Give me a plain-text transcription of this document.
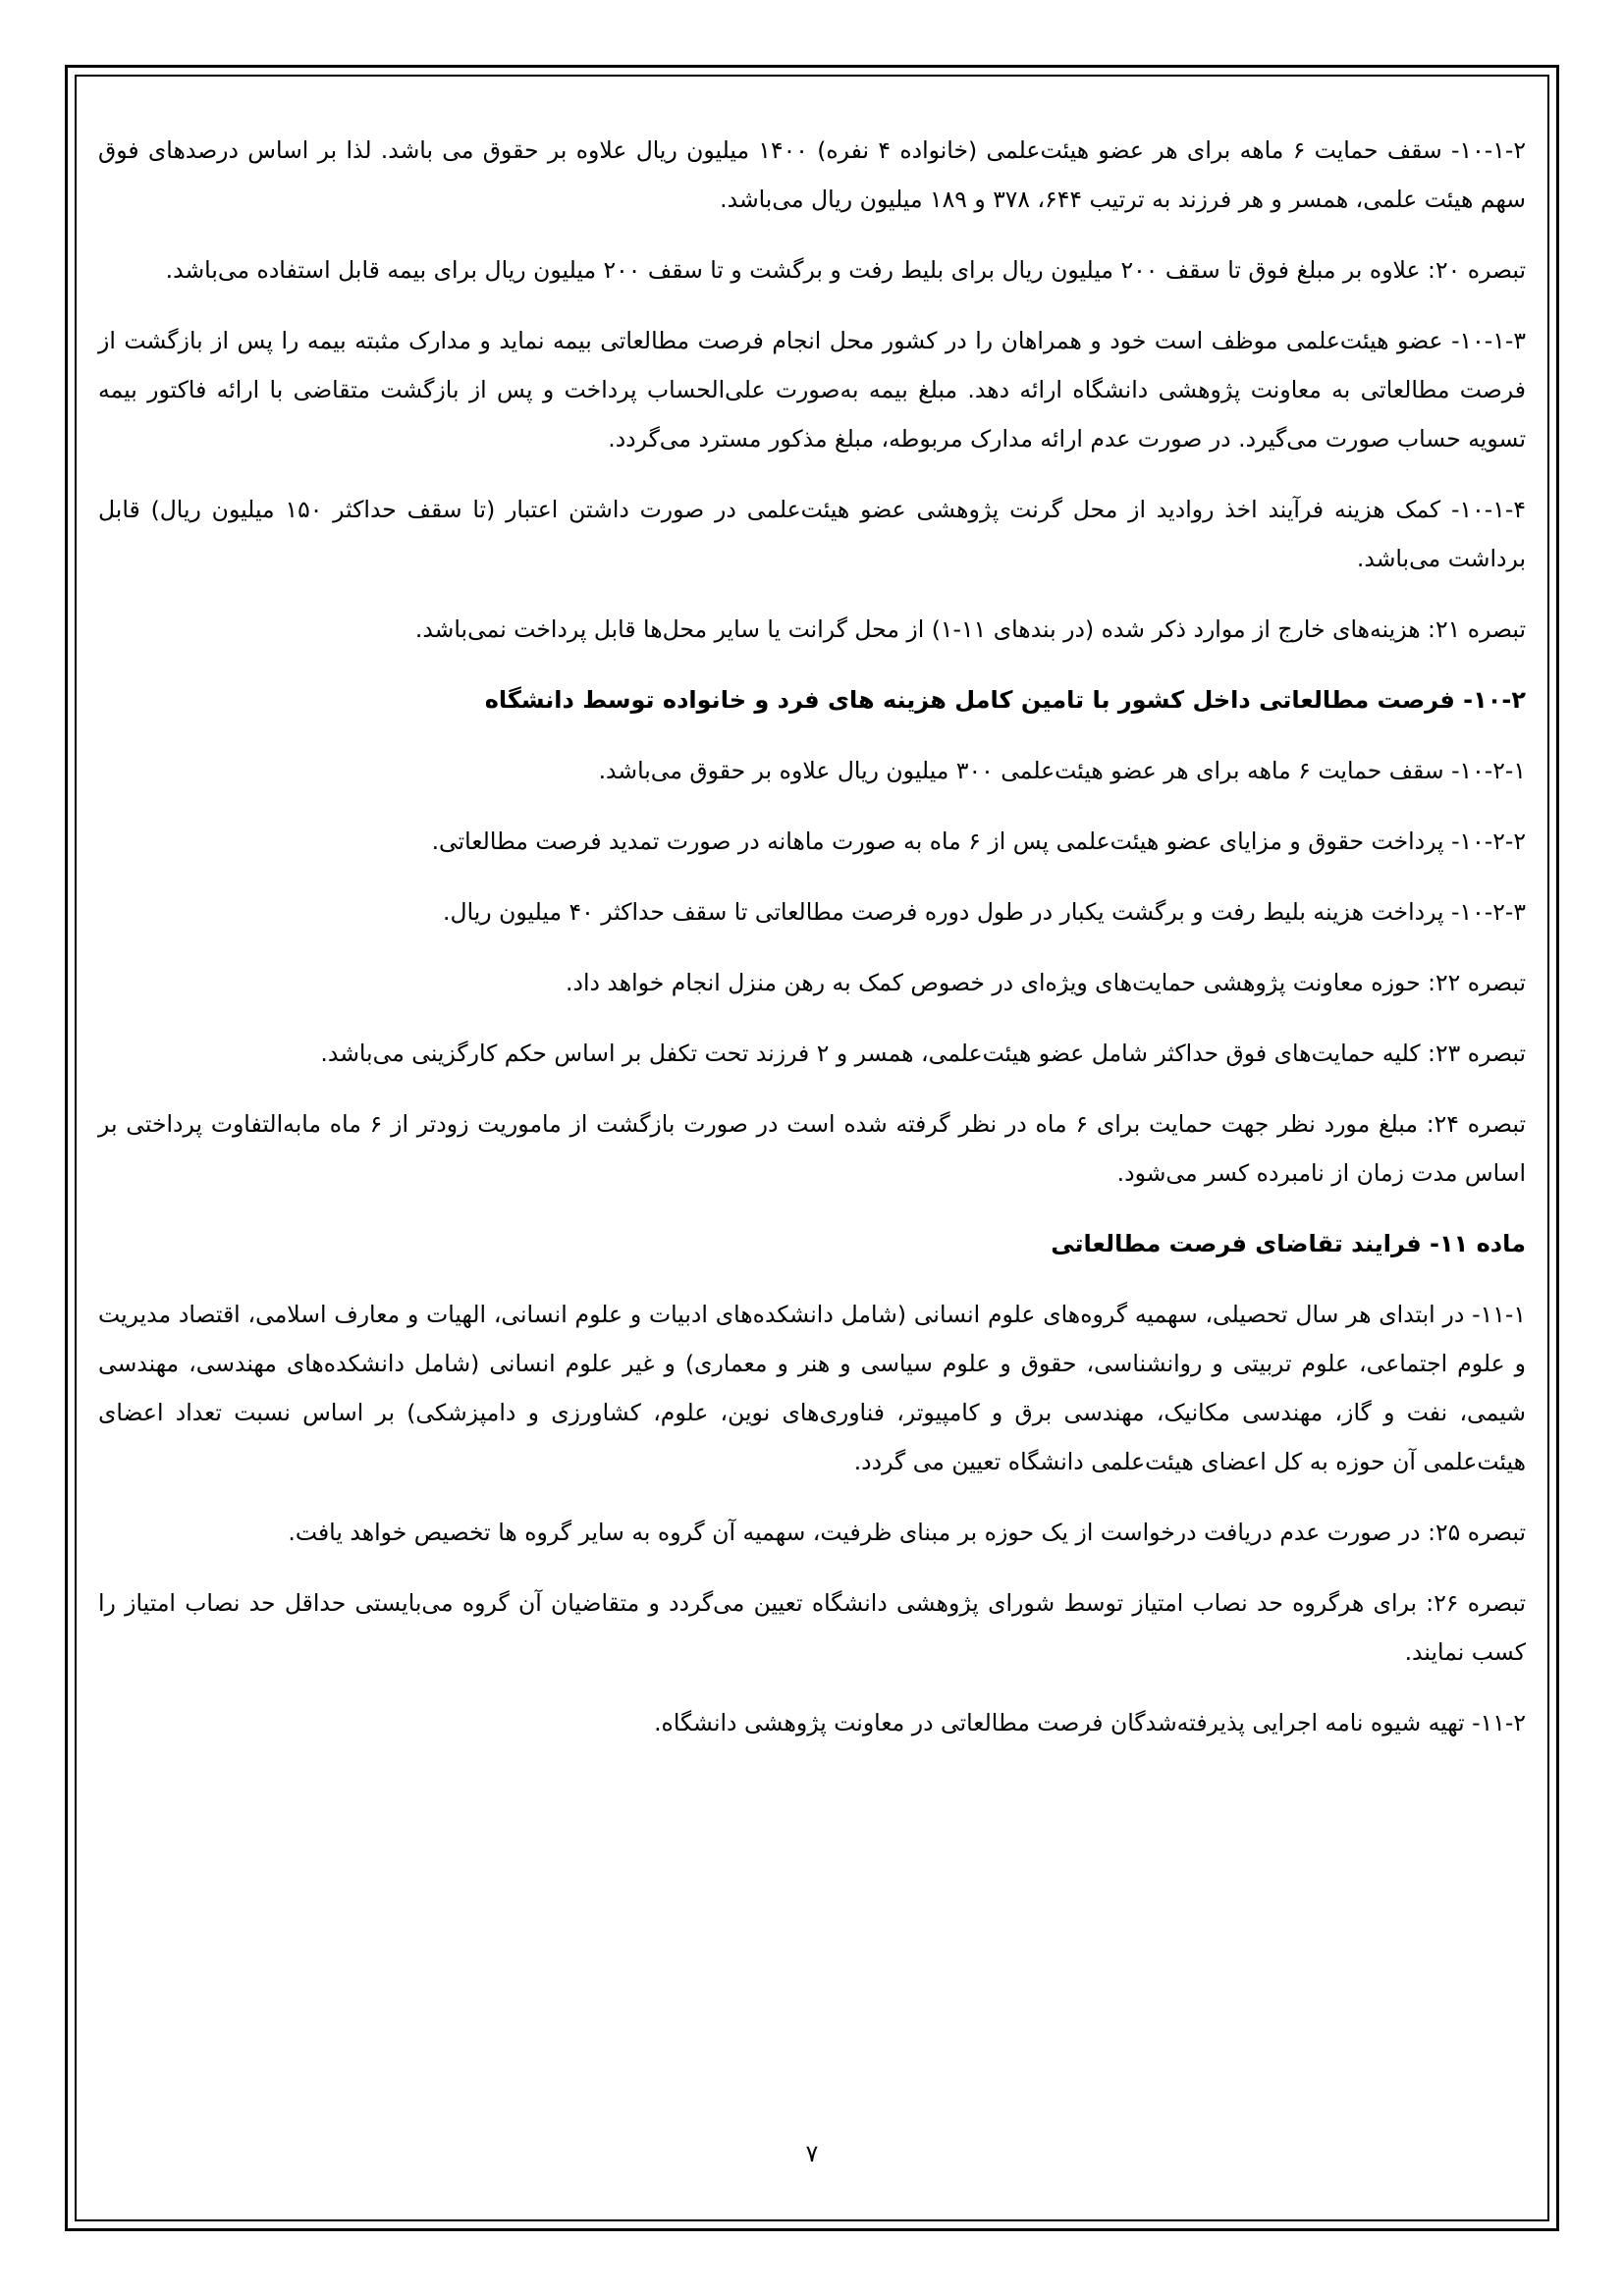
۱۰-۱-۲- سقف حمایت ۶ ماهه برای هر عضو هیئت‌علمی (خانواده ۴ نفره) ۱۴۰۰ میلیون ریال علاوه بر حقوق می باشد. لذا بر اساس درصدهای فوق سهم هیئت علمی، همسر و هر فرزند به ترتیب ۶۴۴، ۳۷۸ و ۱۸۹ میلیون ریال می‌باشد.

تبصره ۲۰: علاوه بر مبلغ فوق تا سقف ۲۰۰ میلیون ریال برای بلیط رفت و برگشت و تا سقف ۲۰۰ میلیون ریال برای بیمه قابل استفاده می‌باشد.

۱۰-۱-۳- عضو هیئت‌علمی موظف است خود و همراهان را در کشور محل انجام فرصت مطالعاتی بیمه نماید و مدارک مثبته بیمه را پس از بازگشت از فرصت مطالعاتی به معاونت پژوهشی دانشگاه ارائه دهد. مبلغ بیمه به‌صورت علی‌الحساب پرداخت و پس از بازگشت متقاضی با ارائه فاکتور بیمه تسویه حساب صورت می‌گیرد. در صورت عدم ارائه مدارک مربوطه، مبلغ مذکور مسترد می‌گردد.

۱۰-۱-۴- کمک هزینه فرآیند اخذ روادید از محل گرنت پژوهشی عضو هیئت‌علمی در صورت داشتن اعتبار (تا سقف حداکثر ۱۵۰ میلیون ریال) قابل برداشت می‌باشد.

تبصره ۲۱: هزینه‌های خارج از موارد ذکر شده (در بندهای ۱۱-۱) از محل گرانت یا سایر محل‌ها قابل پرداخت نمی‌باشد.

۱۰-۲- فرصت مطالعاتی داخل کشور با تامین کامل هزینه های فرد و خانواده توسط دانشگاه

۱۰-۲-۱- سقف حمایت ۶ ماهه برای هر عضو هیئت‌علمی ۳۰۰ میلیون ریال علاوه بر حقوق می‌باشد.

۱۰-۲-۲- پرداخت حقوق و مزایای عضو هیئت‌علمی پس از ۶ ماه به صورت ماهانه در صورت تمدید فرصت مطالعاتی.

۱۰-۲-۳- پرداخت هزینه بلیط رفت و برگشت یکبار در طول دوره فرصت مطالعاتی تا سقف حداکثر ۴۰ میلیون ریال.

تبصره ۲۲: حوزه معاونت پژوهشی حمایت‌های ویژه‌ای در خصوص کمک به رهن منزل انجام خواهد داد.

تبصره ۲۳: کلیه حمایت‌های فوق حداکثر شامل عضو هیئت‌علمی، همسر و ۲ فرزند تحت تکفل بر اساس حکم کارگزینی می‌باشد.

تبصره ۲۴: مبلغ مورد نظر جهت حمایت برای ۶ ماه در نظر گرفته شده است در صورت بازگشت از ماموریت زودتر از ۶ ماه مابه‌التفاوت پرداختی بر اساس مدت زمان از نامبرده کسر می‌شود.

ماده ۱۱- فرایند تقاضای فرصت مطالعاتی

۱۱-۱- در ابتدای هر سال تحصیلی، سهمیه گروه‌های علوم انسانی (شامل دانشکده‌های ادبیات و علوم انسانی، الهیات و معارف اسلامی، اقتصاد مدیریت و علوم اجتماعی، علوم تربیتی و روانشناسی، حقوق و علوم سیاسی و هنر و معماری) و غیر علوم انسانی (شامل دانشکده‌های مهندسی، مهندسی شیمی، نفت و گاز، مهندسی مکانیک، مهندسی برق و کامپیوتر، فناوری‌های نوین، علوم، کشاورزی و دامپزشکی) بر اساس نسبت تعداد اعضای هیئت‌علمی آن حوزه به کل اعضای هیئت‌علمی دانشگاه تعیین می گردد.

تبصره ۲۵: در صورت عدم دریافت درخواست از یک حوزه بر مبنای ظرفیت، سهمیه آن گروه به سایر گروه ها تخصیص خواهد یافت.

تبصره ۲۶: برای هرگروه حد نصاب امتیاز توسط شورای پژوهشی دانشگاه تعیین می‌گردد و متقاضیان آن گروه می‌بایستی حداقل حد نصاب امتیاز را کسب نمایند.

۱۱-۲- تهیه شیوه نامه اجرایی پذیرفته‌شدگان فرصت مطالعاتی در معاونت پژوهشی دانشگاه.

۷
